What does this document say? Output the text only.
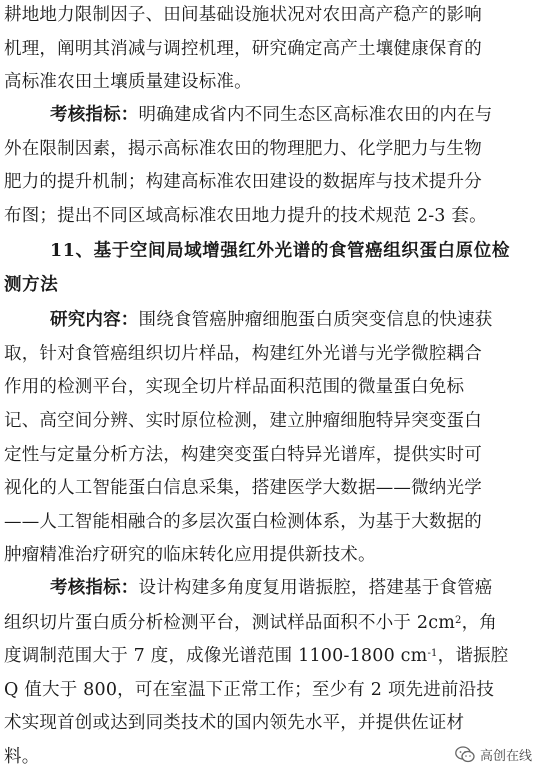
耕地地力限制因子、田间基础设施状况对农田高产稳产的影响
机理，阐明其消减与调控机理，研究确定高产土壤健康保育的
高标准农田土壤质量建设标准。
考核指标：明确建成省内不同生态区高标准农田的内在与
外在限制因素，揭示高标准农田的物理肥力、化学肥力与生物
肥力的提升机制；构建高标准农田建设的数据库与技术提升分
布图；提出不同区域高标准农田地力提升的技术规范 2-3 套。
11、基于空间局域增强红外光谱的食管癌组织蛋白原位检
测方法
研究内容：围绕食管癌肿瘤细胞蛋白质突变信息的快速获
取，针对食管癌组织切片样品，构建红外光谱与光学微腔耦合
作用的检测平台，实现全切片样品面积范围的微量蛋白免标
记、高空间分辨、实时原位检测，建立肿瘤细胞特异突变蛋白
定性与定量分析方法，构建突变蛋白特异光谱库，提供实时可
视化的人工智能蛋白信息采集，搭建医学大数据——微纳光学
——人工智能相融合的多层次蛋白检测体系，为基于大数据的
肿瘤精准治疗研究的临床转化应用提供新技术。
考核指标：设计构建多角度复用谐振腔，搭建基于食管癌
组织切片蛋白质分析检测平台，测试样品面积不小于 $2cm^2$，角
度调制范围大于 7 度，成像光谱范围 1100-1800 $cm^{-1}$，谐振腔
Q 值大于 800，可在室温下正常工作；至少有 2 项先进前沿技
术实现首创或达到同类技术的国内领先水平，并提供佐证材
料。	高创在线
